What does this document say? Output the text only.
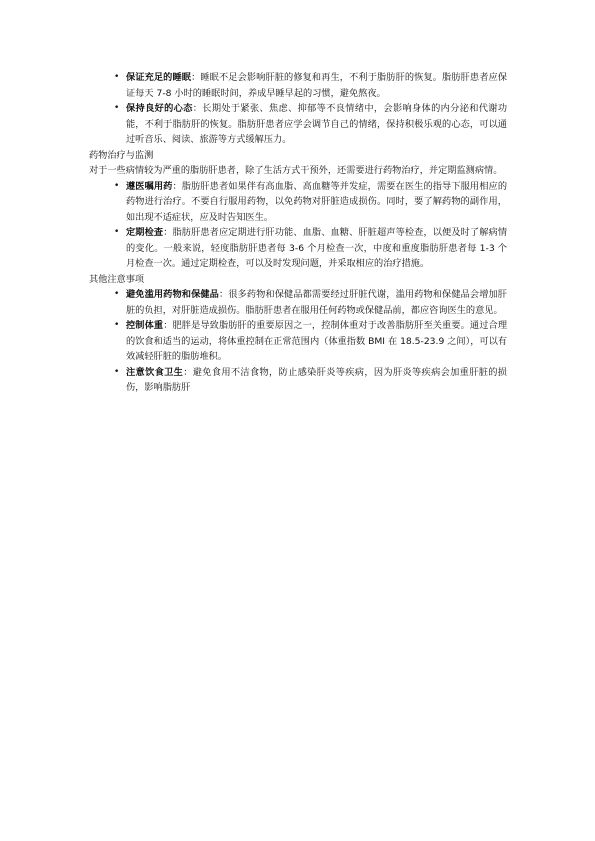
• 保证充足的睡眠：睡眠不足会影响肝脏的修复和再生，不利于脂肪肝的恢复。脂肪肝患者应保证每天 7-8 小时的睡眠时间，养成早睡早起的习惯，避免熬夜。
• 保持良好的心态：长期处于紧张、焦虑、抑郁等不良情绪中，会影响身体的内分泌和代谢功能，不利于脂肪肝的恢复。脂肪肝患者应学会调节自己的情绪，保持积极乐观的心态，可以通过听音乐、阅读、旅游等方式缓解压力。

药物治疗与监测

对于一些病情较为严重的脂肪肝患者，除了生活方式干预外，还需要进行药物治疗，并定期监测病情。

• 遵医嘱用药：脂肪肝患者如果伴有高血脂、高血糖等并发症，需要在医生的指导下服用相应的药物进行治疗。不要自行服用药物，以免药物对肝脏造成损伤。同时，要了解药物的副作用，如出现不适症状，应及时告知医生。
• 定期检查：脂肪肝患者应定期进行肝功能、血脂、血糖、肝脏超声等检查，以便及时了解病情的变化。一般来说，轻度脂肪肝患者每 3-6 个月检查一次，中度和重度脂肪肝患者每 1-3 个月检查一次。通过定期检查，可以及时发现问题，并采取相应的治疗措施。

其他注意事项

• 避免滥用药物和保健品：很多药物和保健品都需要经过肝脏代谢，滥用药物和保健品会增加肝脏的负担，对肝脏造成损伤。脂肪肝患者在服用任何药物或保健品前，都应咨询医生的意见。
• 控制体重：肥胖是导致脂肪肝的重要原因之一，控制体重对于改善脂肪肝至关重要。通过合理的饮食和适当的运动，将体重控制在正常范围内（体重指数 BMI 在 18.5-23.9 之间），可以有效减轻肝脏的脂肪堆积。
• 注意饮食卫生：避免食用不洁食物，防止感染肝炎等疾病，因为肝炎等疾病会加重肝脏的损伤，影响脂肪肝
